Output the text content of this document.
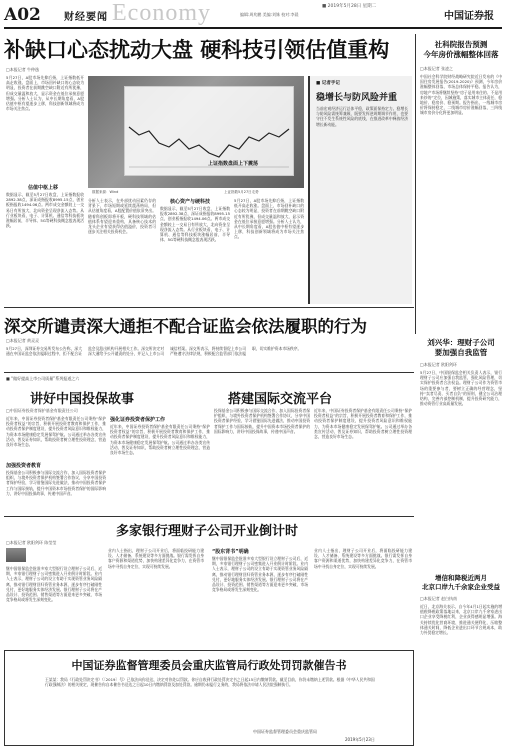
A02 财经要闻 Economy	■ 2019年5月28日 星期二
编辑:周兆鹏 美编:刘姝 校对:李晨	中国证券报
补缺口心态扰动大盘 硬科技引领估值重构
□本报记者 牛仲逸
5月27日，A股市场先抑后扬，上证指数低开高走收涨。盘面上，市场回补缺口的心态较为明显，投资者在前期跳空缺口附近有所犹豫，但成交量温和放大，显示资金在低位承接意愿增强。分析人士认为，从中长期角度看，A股估值中枢有望逐步上移，科技创新领域将成为市场关注焦点。
估值中枢上移
数据显示，截至5月27日收盘，上证指数报收2892.38点，深证成指报收8995.15点，创业板指报收1494.06点。两市成交金额较上一交易日有所放大，北向资金呈现净流入态势。从行业板块看，电子、计算机、通信等科技板块涨幅居前，半导体、5G等硬科技概念股表现活跃。
上证指数盘面上下震荡
数据来源：Wind	上证指数5月27日走势
分析人士表示，在外部扰动因素仍存的背景下，市场短期或延续震荡格局，但从估值角度看，A股配置价值依旧突出。随着科创板即将开板，硬科技领域的估值体系有望迎来重构，具备核心技术的龙头企业有望获得估值溢价，投资者可逐步关注相关投资机会。
核心资产与硬科技
数据显示，截至5月27日收盘，上证指数报收2892.38点，深证成指报收8995.15点，创业板指报收1494.06点。两市成交金额较上一交易日有所放大，北向资金呈现净流入态势。从行业板块看，电子、计算机、通信等科技板块涨幅居前，半导体、5G等硬科技概念股表现活跃。
5月27日，A股市场先抑后扬，上证指数低开高走收涨。盘面上，市场回补缺口的心态较为明显，投资者在前期跳空缺口附近有所犹豫，但成交量温和放大，显示资金在低位承接意愿增强。分析人士认为，从中长期角度看，A股估值中枢有望逐步上移，科技创新领域将成为市场关注焦点。
■ 记者手记
稳增长与防风险并重
当前宏观经济运行总体平稳，政策面保持定力。稳增长与防风险需统筹兼顾，既要发挥逆周期调节作用，也要守住不发生系统性风险的底线，在推进改革中释放经济增长新动能。
社科院报告预测
今年房价涨幅整体回落
□本报记者 张凌之
中国社会科学院财经战略研究院近日发布的《中国住房发展报告(2019-2020)》预测，今年房价涨幅整体回落，市场总体保持平稳。报告认为，房地产市场将继续坚持“房子是用来住的、不是用来炒的”定位，因城施策，落实城市主体责任，稳地价、稳房价、稳预期。报告指出，一线城市房价将保持稳定，二线城市房价涨幅回落，三四线城市房价分化将更加明显。
深交所谴责深大通拒不配合证监会依法履职的行为
□本报记者 黄灵灵
5月27日，深圳证券交易所发布公告称，深大通在中国证监会依法履职过程中，拒不配合证监会及派出机构开展相关工作。深交所决定对深大通给予公开谴责的处分，并记入上市公司诚信档案。深交所表示，将持续督促上市公司严格遵守法律法规，积极配合监管部门依法履职，切实维护资本市场秩序。
刘兴华：理财子公司
要加强自我监管
□本报记者 欧阳剑环
5月27日，中国银保监会相关负责人表示，银行理财子公司应加强自我监管，强化风险管理，切实保护投资者合法权益。理财子公司作为资管市场的重要参与者，要树立正确的经营理念，坚持“卖者尽责、买者自负”的原则，健全公司治理结构，完善内部控制机制，提升投资研究能力，推动资管行业高质量发展。
■ “做好提高上市公司质量”系列报道之六
讲好中国投保故事	搭建国际交流平台
□中国证券投资者保护基金有限责任公司
近年来，中国证券投资者保护基金有限责任公司秉持“保护投资者权益”的宗旨，积极开展投资者教育和保护工作，推动投资者保护制度建设，提升投资者风险意识和维权能力，为资本市场健康稳定发展保驾护航。公司通过举办各类宣传活动，普及证券知识，帮助投资者树立理性投资理念，营造良好市场生态。
加强投资者教育
投保基金公司积极参与国际交流合作，加入国际投资者保护组织，与境外投资者保护机构签署合作协议，分享中国投资者保护经验，学习借鉴国际先进做法，推动中国投资者保护工作与国际接轨，提升中国资本市场投资者保护的国际影响力，讲好中国投保故事，传递中国声音。
强化证券投资者保护工作
近年来，中国证券投资者保护基金有限责任公司秉持“保护投资者权益”的宗旨，积极开展投资者教育和保护工作，推动投资者保护制度建设，提升投资者风险意识和维权能力，为资本市场健康稳定发展保驾护航。公司通过举办各类宣传活动，普及证券知识，帮助投资者树立理性投资理念，营造良好市场生态。
投保基金公司积极参与国际交流合作，加入国际投资者保护组织，与境外投资者保护机构签署合作协议，分享中国投资者保护经验，学习借鉴国际先进做法，推动中国投资者保护工作与国际接轨，提升中国资本市场投资者保护的国际影响力，讲好中国投保故事，传递中国声音。
近年来，中国证券投资者保护基金有限责任公司秉持“保护投资者权益”的宗旨，积极开展投资者教育和保护工作，推动投资者保护制度建设，提升投资者风险意识和维权能力，为资本市场健康稳定发展保驾护航。公司通过举办各类宣传活动，普及证券知识，帮助投资者树立理性投资理念，营造良好市场生态。
多家银行理财子公司开业倒计时
□本报记者 欧阳剑环 陈莹莹
继中国银保监会批准多家大型银行设立理财子公司后，近期，多家银行理财子公司密集进入开业倒计时阶段。业内人士表示，理财子公司的设立有助于实现资管业务风险隔离，推动银行理财回归资管业务本源，逐步有序打破刚性兑付，更好地服务实体经济发展。银行理财子公司将在产品设计、投资范围、销售渠道等方面迎来更多突破，市场竞争格局或将发生深刻变化。
业内人士指出，理财子公司开业后，将面临投研能力建设、人才储备、系统建设等多方面挑战。银行需发挥自身客户资源和渠道优势，加快构建差异化竞争力，在资管市场中寻找自身定位，实现可持续发展。
“股东背书”明确
继中国银保监会批准多家大型银行设立理财子公司后，近期，多家银行理财子公司密集进入开业倒计时阶段。业内人士表示，理财子公司的设立有助于实现资管业务风险隔离，推动银行理财回归资管业务本源，逐步有序打破刚性兑付，更好地服务实体经济发展。银行理财子公司将在产品设计、投资范围、销售渠道等方面迎来更多突破，市场竞争格局或将发生深刻变化。
业内人士指出，理财子公司开业后，将面临投研能力建设、人才储备、系统建设等多方面挑战。银行需发挥自身客户资源和渠道优势，加快构建差异化竞争力，在资管市场中寻找自身定位，实现可持续发展。
增信和降税近两月
北京口岸九千余家企业受益
□本报记者 赵白执南
近日，北京海关表示，自今年4月1日起实施的增值税降税政策落地以来，北京口岸九千余家进出口企业享受降税红利，企业获得感明显增强。海关持续优化营商环境，推进通关便利化，压缩整体通关时间，降低企业进出口环节合规成本，助力外贸稳定增长。
中国证券监督管理委员会重庆监管局行政处罚罚款催告书
王某某：我局《行政处罚决定书》（〔2019〕号）已依法向你送达，决定对你处以罚款。你应自收到行政处罚决定书之日起15日内缴纳罚款。截至目前，你仍未缴纳上述罚款。根据《中华人民共和国行政强制法》的相关规定，现催告你自本催告书送达之日起10日内缴纳罚款及加处罚款。逾期仍未履行义务的，我局将依法申请人民法院强制执行。
中国证券监督管理委员会重庆监管局
2019年5月23日
